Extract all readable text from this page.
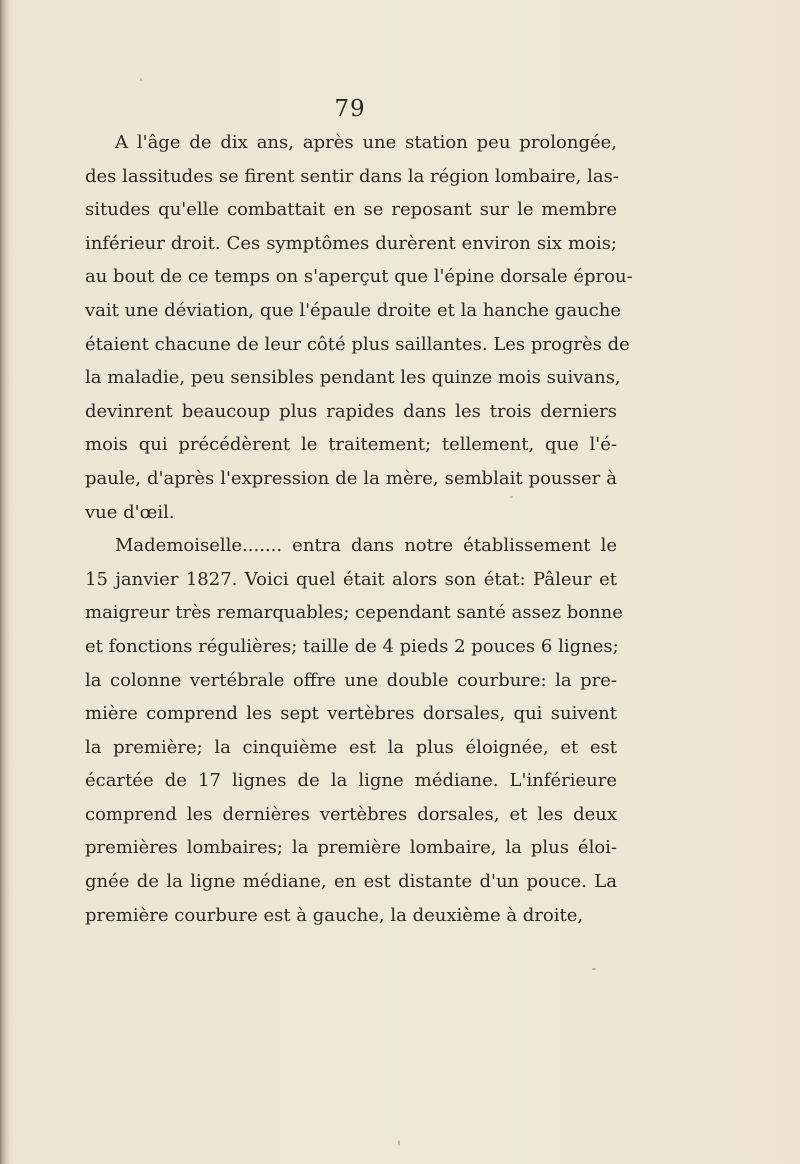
79
A l'âge de dix ans, après une station peu prolongée,
des lassitudes se firent sentir dans la région lombaire, las-
situdes qu'elle combattait en se reposant sur le membre
inférieur droit. Ces symptômes durèrent environ six mois;
au bout de ce temps on s'aperçut que l'épine dorsale éprou-
vait une déviation, que l'épaule droite et la hanche gauche
étaient chacune de leur côté plus saillantes. Les progrès de
la maladie, peu sensibles pendant les quinze mois suivans,
devinrent beaucoup plus rapides dans les trois derniers
mois qui précédèrent le traitement; tellement, que l'é-
paule, d'après l'expression de la mère, semblait pousser à
vue d'œil.
Mademoiselle....... entra dans notre établissement le
15 janvier 1827. Voici quel était alors son état: Pâleur et
maigreur très remarquables; cependant santé assez bonne
et fonctions régulières; taille de 4 pieds 2 pouces 6 lignes;
la colonne vertébrale offre une double courbure: la pre-
mière comprend les sept vertèbres dorsales, qui suivent
la première; la cinquième est la plus éloignée, et est
écartée de 17 lignes de la ligne médiane. L'inférieure
comprend les dernières vertèbres dorsales, et les deux
premières lombaires; la première lombaire, la plus éloi-
gnée de la ligne médiane, en est distante d'un pouce. La
première courbure est à gauche, la deuxième à droite,
